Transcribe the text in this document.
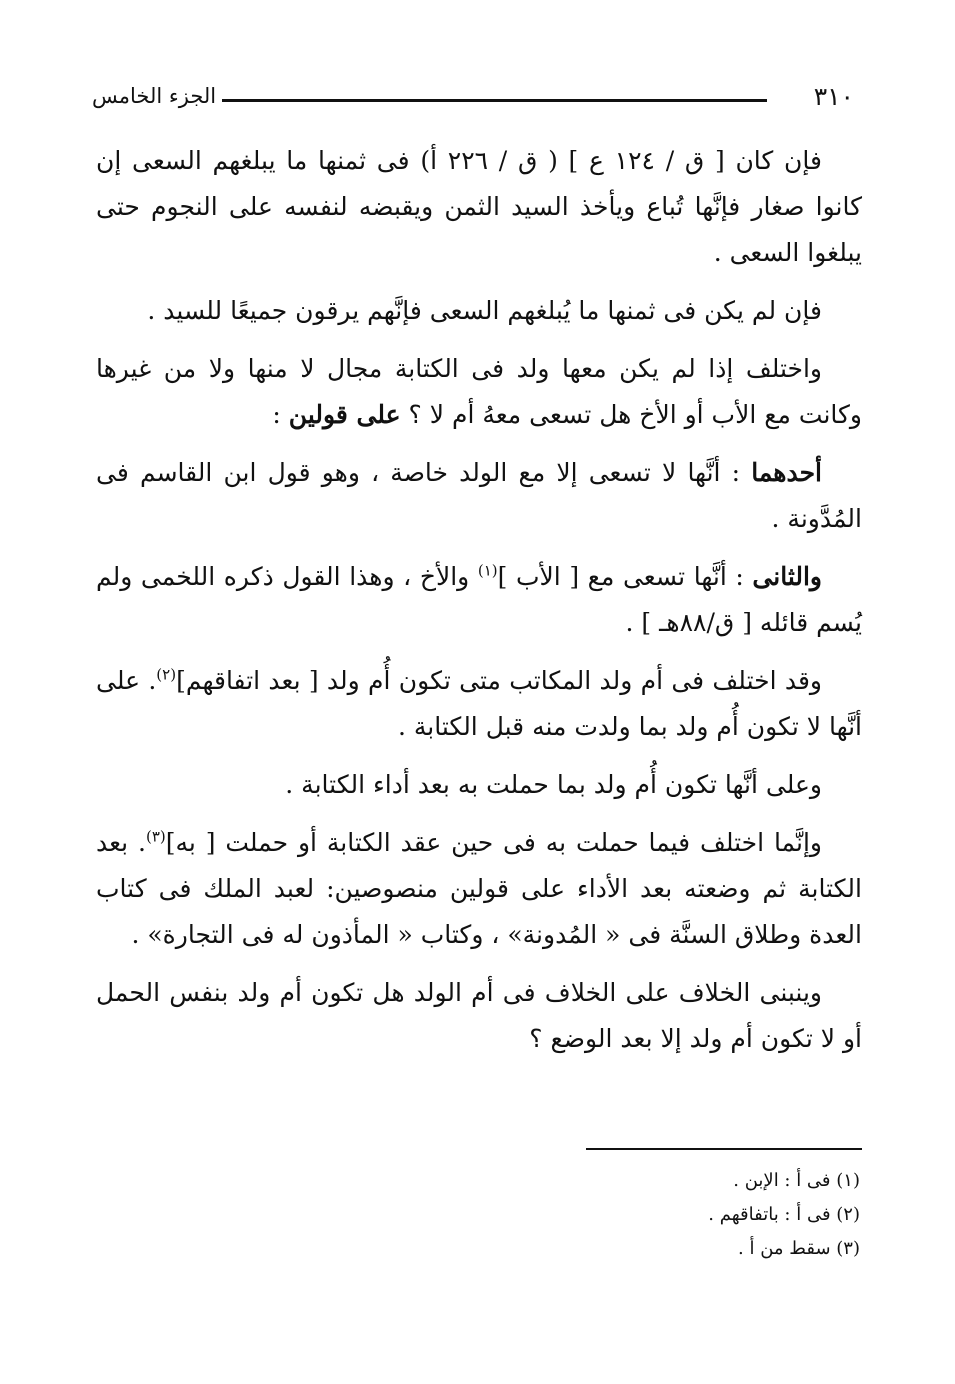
٣١٠
الجزء الخامس

فإن كان [ ق / ١٢٤ ع ] ( ق / ٢٢٦ أ) فى ثمنها ما يبلغهم السعى إن كانوا صغار فإنَّها تُباع ويأخذ السيد الثمن ويقبضه لنفسه على النجوم حتى يبلغوا السعى .

فإن لم يكن فى ثمنها ما يُبلغهم السعى فإنَّهم يرقون جميعًا للسيد .

واختلف إذا لم يكن معها ولد فى الكتابة مجال لا منها ولا من غيرها وكانت مع الأب أو الأخ هل تسعى معهُ أم لا ؟ على قولين :

أحدهما : أنَّها لا تسعى إلا مع الولد خاصة ، وهو قول ابن القاسم فى المُدَّونة .

والثانى : أنَّها تسعى مع [ الأب ]$^{(١)}$ والأخ ، وهذا القول ذكره اللخمى ولم يُسم قائله [ ق/٨٨هـ ] .

وقد اختلف فى أم ولد المكاتب متى تكون أُم ولد [ بعد اتفاقهم]$^{(٢)}$. على أنَّها لا تكون أُم ولد بما ولدت منه قبل الكتابة .

وعلى أنَّها تكون أُم ولد بما حملت به بعد أداء الكتابة .

وإنَّما اختلف فيما حملت به فى حين عقد الكتابة أو حملت [ به]$^{(٣)}$. بعد الكتابة ثم وضعته بعد الأداء على قولين منصوصين: لعبد الملك فى كتاب العدة وطلاق السنَّة فى « المُدونة» ، وكتاب « المأذون له فى التجارة» .

وينبنى الخلاف على الخلاف فى أم الولد هل تكون أم ولد بنفس الحمل أو لا تكون أم ولد إلا بعد الوضع ؟

(١) فى أ : الإبن .

(٢) فى أ : باتفاقهم .

(٣) سقط من أ .
